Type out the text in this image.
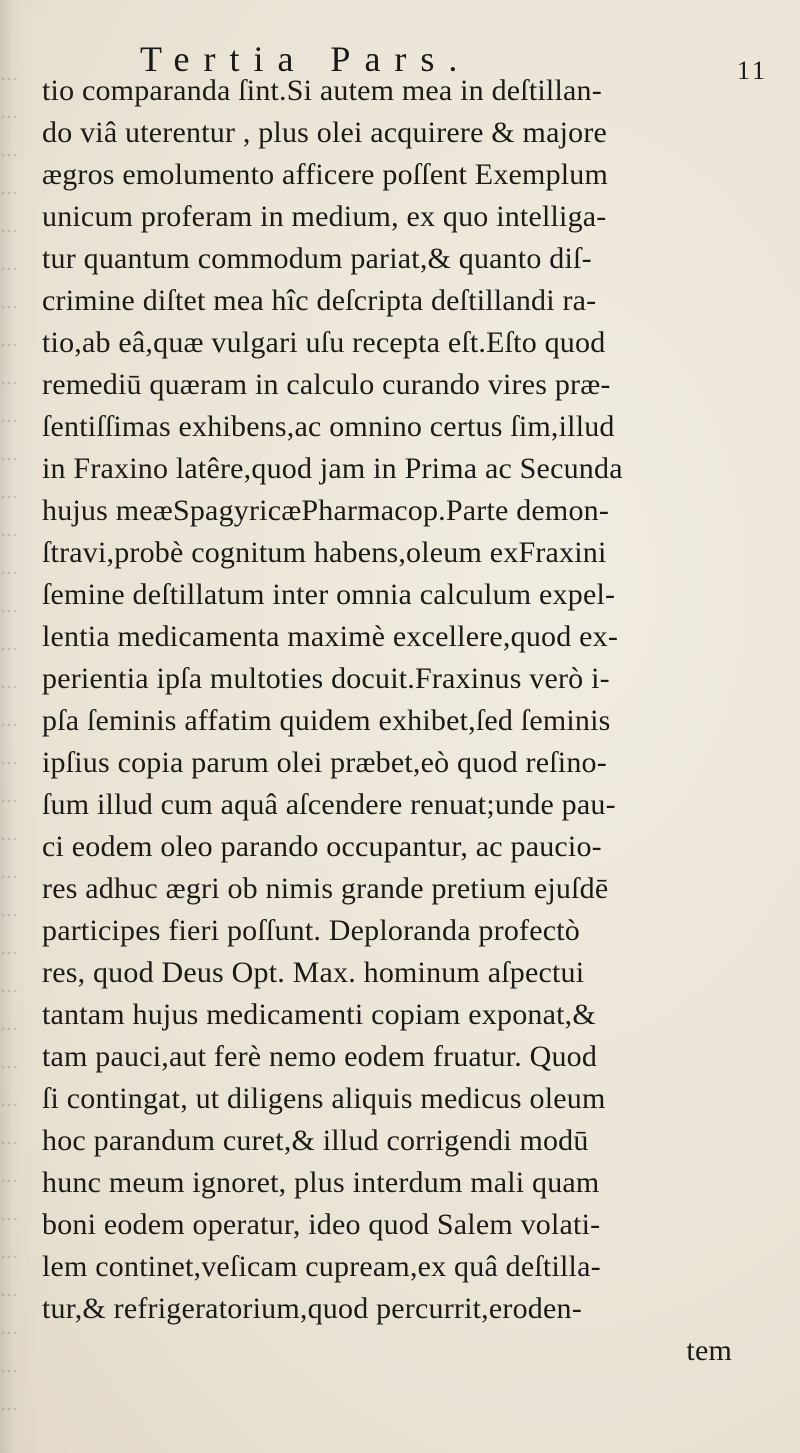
Tertia Pars.	11
tio comparanda ſint.Si autem mea in deſtillan-
do viâ uterentur , plus olei acquirere & majore
ægros emolumento afficere poſſent Exemplum
unicum proferam in medium, ex quo intelliga-
tur quantum commodum pariat,& quanto diſ-
crimine diſtet mea hîc deſcripta deſtillandi ra-
tio,ab eâ,quæ vulgari uſu recepta eſt.Eſto quod
remediū quæram in calculo curando vires præ-
ſentiſſimas exhibens,ac omnino certus ſim,illud
in Fraxino latêre,quod jam in Prima ac Secunda
hujus meæSpagyricæPharmacop.Parte demon-
ſtravi,probè cognitum habens,oleum exFraxini
ſemine deſtillatum inter omnia calculum expel-
lentia medicamenta maximè excellere,quod ex-
perientia ipſa multoties docuit.Fraxinus verò i-
pſa ſeminis affatim quidem exhibet,ſed ſeminis
ipſius copia parum olei præbet,eò quod reſino-
ſum illud cum aquâ aſcendere renuat;unde pau-
ci eodem oleo parando occupantur, ac paucio-
res adhuc ægri ob nimis grande pretium ejuſdē
participes fieri poſſunt. Deploranda profectò
res, quod Deus Opt. Max. hominum aſpectui
tantam hujus medicamenti copiam exponat,&
tam pauci,aut ferè nemo eodem fruatur. Quod
ſi contingat, ut diligens aliquis medicus oleum
hoc parandum curet,& illud corrigendi modū
hunc meum ignoret, plus interdum mali quam
boni eodem operatur, ideo quod Salem volati-
lem continet,veſicam cupream,ex quâ deſtilla-
tur,& refrigeratorium,quod percurrit,eroden-
tem
